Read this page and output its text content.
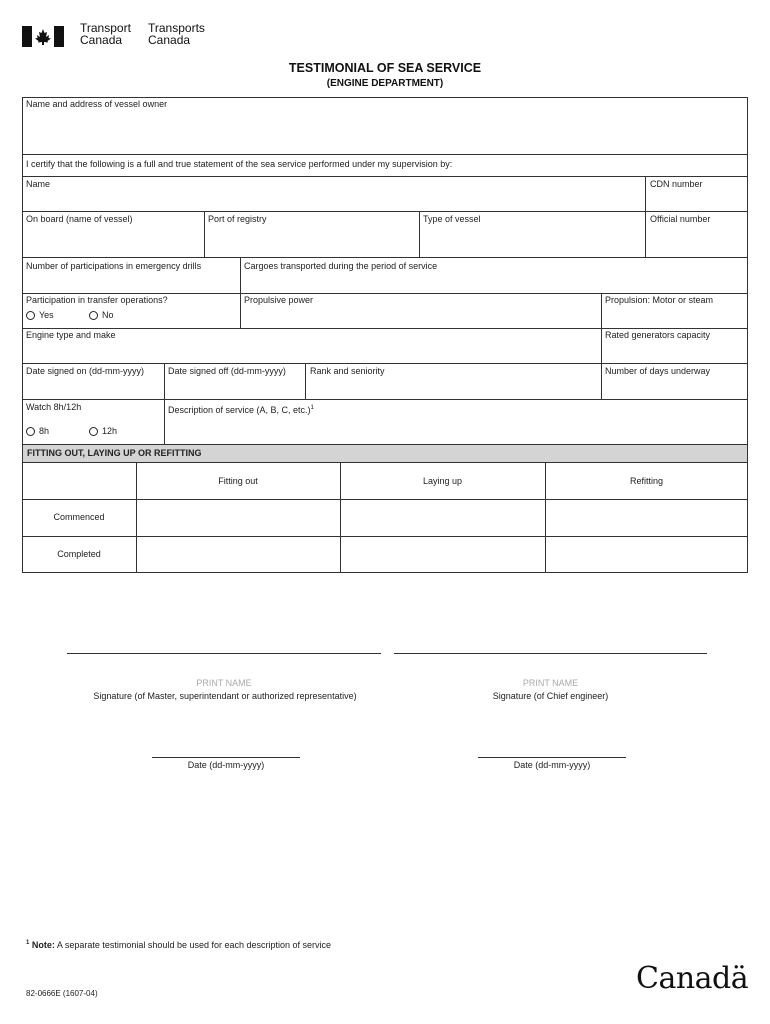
Transport
Canada
Transports
Canada
TESTIMONIAL OF SEA SERVICE
(ENGINE DEPARTMENT)
FITTING OUT, LAYING UP OR REFITTING
Name and address of vessel owner
I certify that the following is a full and true statement of the sea service performed under my supervision by:
Name	CDN number
On board (name of vessel)	Port of registry	Type of vessel	Official number
Number of participations in emergency drills	Cargoes transported during the period of service
Participation in transfer operations?
Yes	No
Propulsive power	Propulsion: Motor or steam
Engine type and make	Rated generators capacity
Date signed on (dd-mm-yyyy)	Date signed off (dd-mm-yyyy)	Rank and seniority	Number of days underway
Watch 8h/12h
8h	12h
Description of service (A, B, C, etc.)$^1$
Fitting out	Laying up	Refitting
Commenced
Completed
PRINT NAME	PRINT NAME
Signature (of Master, superintendant or authorized representative)	Signature (of Chief engineer)
Date (dd-mm-yyyy)	Date (dd-mm-yyyy)
$^1$ Note: A separate testimonial should be used for each description of service
82-0666E (1607-04)	Canadä
